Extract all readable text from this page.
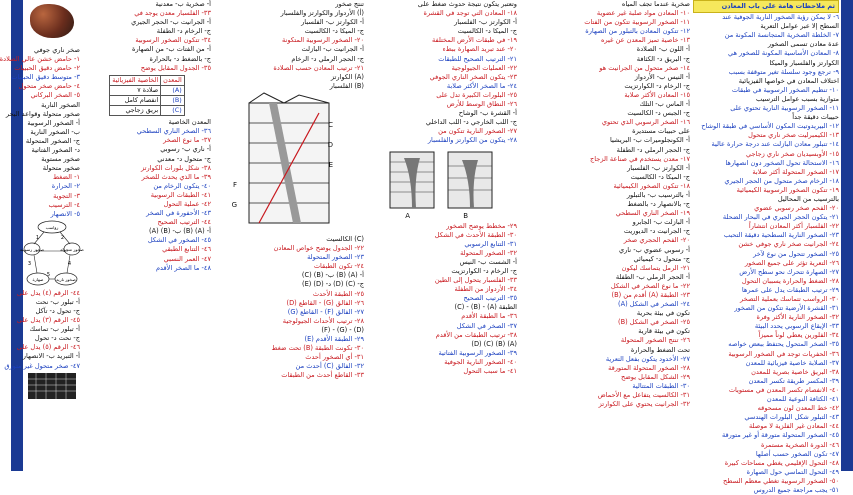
ثم ملاحظات هامة على باب المعادن
٦- لا يمكن رؤية الصخور النارية الجوفية عند
السطح إلا عبر عوامل التعرية
٧- الخلطة الصخرية المتجانسة المكونة من
عدة معادن تسمى الصخور
٨- المعادن الأساسية المكونة للصخور هي
الكوارتز والفلسبار والميكا
٩- ترجع وجود سلسلة تغير متوقفة بسبب
اختلاف المعادن في خواصها الفيزيائية
١٠- تنظيم الصخور الرسوبية في طبقات
متوازية بسبب عوامل الترسيب
١١- الصخور الرسوبية النارية تحتوي على
حبيبات دقيقة جداً
١٢- البيريدوتيت المكون الأساسي في طبقة الوشاح
١٣- الكيمبرليت صخر ناري متحول
١٤- تتبلور معادن البازلت عند درجة حرارة عالية
١٥- الأوبسيديان صخر ناري زجاجي
١٦- الاستحالة تحول الصخور دون انصهارها
١٧- الصخور المتحولة أكثر صلابة
١٨- الرخام صخر متحول من الحجر الجيري
١٩- تتكون الصخور الرسوبية الكيميائية
بالترسيب من المحاليل
٢٠- الفحم صخر رسوبي عضوي
٢١- يتكون الحجر الجيري في البحار الضحلة
٢٢- الفلسبار أكثر المعادن انتشاراً
٢٣- الصخور النارية السطحية دقيقة التحبب
٢٤- الجرانيت صخر ناري جوفي خشن
٢٥- الصخور تتحول من نوع لآخر
٢٦- التعرية تؤثر على جميع الصخور
٢٧- الصهارة تتحرك نحو سطح الأرض
٢٨- الضغط والحرارة يسببان التحول
٢٩- ترتيب الطبقات يدل على عمرها
٣٠- الرواسب تتماسك بعملية التصخر
٣١- القشرة الأرضية تتكون من الصخور
٣٢- الصخور النارية الأكثر وفرة
٣٣- الإيقاع الرسوبي يحدد البيئة
٣٤- الفلورين يعطي لوناً مميزاً
٣٥- الصخر المتحول يحتفظ ببعض خواصه
٣٦- الحفريات توجد في الصخور الرسوبية
٣٧- الصلابة خاصية فيزيائية للمعدن
٣٨- البريق خاصية بصرية للمعدن
٣٩- المكسر طريقة تكسر المعدن
٤٠- الانفصام تكسر المعدن في مستويات
٤١- الكثافة النوعية للمعدن
٤٢- خط المعدن لون مسحوقه
٤٣- التبلور شكل البلورات الهندسي
٤٤- المعادن غير الفلزية لا موصلة
٤٥- الصخور المتحولة متورقة أو غير متورقة
٤٦- الدورة الصخرية مستمرة
٤٧- تكون الصخور حسب أصلها
٤٨- التحول الإقليمي يغطي مساحات كبيرة
٤٩- التحول التماسي حول الصهارة
٥٠- الصخور الرسوبية تغطي معظم السطح
٥١- يجب مراجعة جميع الدروس
صخرية عندما تجف المياه
١٠- المعادن مواد صلبة غير عضوية
١١- الصخور الرسوبية تتكون من الفتات
١٢- تتكون المعادن بالتبلور من الصهارة
١٣- خاصية تميز المعدن عن غيره
أ- اللون ب- الصلادة
ج- البريق د- الكثافة
١٤- صخر متحول من الجرانيت هو
أ- النيس ب- الأردواز
ج- الرخام د- الكوارتزيت
١٥- المعادن الأكثر صلابة
أ- الماس ب- التلك
ج- الجبس د- الكالسيت
١٦- الصخر الرسوبي الذي تحتوي
على حبيبات مستديرة
أ- الكونجلوميرات ب- البريشيا
ج- الحجر الرملي د- الطفلة
١٧- معدن يستخدم في صناعة الزجاج
أ- الكوارتز ب- الفلسبار
ج- الميكا د- الكالسيت
١٨- تتكون الصخور الكيميائية
أ- بالترسيب ب- بالتبلور
ج- بالانصهار د- بالضغط
١٩- الصخر الناري السطحي
أ- البازلت ب- الجابرو
ج- الجرانيت د- الديوريت
٢٠- الفحم الحجري صخر
أ- رسوبي عضوي ب- ناري
ج- متحول د- كيميائي
٢١- الرمل يتماسك ليكون
أ- الحجر الرملي ب- الطفلة
٢٢- ما نوع الصخر في الشكل
٢٣- الطبقة (A) أقدم من (B)
٢٤- الصخر في الشكل (A)
تكون في بيئة بحرية
٢٥- الصخر في الشكل (B)
تكون في بيئة قارية
٢٦- تنتج الصخور المتحولة
تحت الضغط والحرارة
٢٧- الأخدود يتكون بفعل التعرية
٢٨- الصخور المتحولة المتورقة
٢٩- الشكل المقابل يوضح
٣٠- الطبقات المتتالية
٣١- الكالسيت يتفاعل مع الأحماض
٣٢- الجرانيت يحتوي على الكوارتز
وتعتبر يتكون نتيجة حدوث ضغط على
١٨- المعادن التي توجد في القشرة
أ- الكوارتز ب- الفلسبار
ج- الميكا د- الكالسيت
١٩- في طبقات الأرض المختلفة
٢٠- عند تبريد الصهارة ببطء
٢١- الترتيب الصحيح للطبقات
٢٢- العمليات الجيولوجية
٢٣- يتكون الصخر الناري الجوفي
٢٤- ما الصخر الأكثر صلابة
٢٥- البلورات الكبيرة تدل على
٢٦- النطاق الوسط للأرض
أ- القشرة ب- الوشاح
ج- اللب الخارجي د- اللب الداخلي
٢٧- الصخور النارية تتكون من
٢٨- يتكون من الكوارتز والفلسبار
A	B
٢٩- مخطط يوضح الصخور
٣٠- الطبقة الأحدث في الشكل
٣١- التتابع الرسوبي
٣٢- الصخور المتحولة
أ- الشست ب- النيس
ج- الرخام د- الكوارتزيت
٣٣- الفلسبار يتحول إلى الطين
٣٤- الأردواز من الطفلة
٣٥- الترتيب الصحيح
الطبقة (A) - (B) - (C)
٣٦- ما الطبقة الأقدم
٣٧- الصخر في الشكل
٣٨- ترتيب الطبقات من الأقدم
(A) (B) (C) (D)
٣٩- الصخور الرسوبية الفتاتية
٤٠- الصخور النارية الجوفية
٤١- ما سبب التحول
تنتج صخور
(أ) الأردواز والكوارتز والفلسبار
أ- الكوارتز ب- الفلسبار
ج- الميكا د- الكالسيت
٢٠- الصخور الرسوبية المتكونة
أ- الجرانيت ب- البازلت
ج- الحجر الرملي د- الرخام
٢١- ترتيب المعادن حسب الصلادة
(A) الكوارتز
(B) الفلسبار
C
D
E
F
G
(C) الكالسيت
٢٢- الجدول يوضح خواص المعادن
٢٣- الصخور المتحولة
٢٤- تكون الطبقات
أ- (A) (B) ب- (B) (C)
ج- (C) (D) د- (D) (E)
٢٥- الطبقة الأحدث
٢٦- الفالق (G) - القاطع (D)
٢٧- الفالق (F) - القاطع (G)
٢٨- ترتيب الأحداث الجيولوجية
(D) - (G) - (F)
٢٩- الطبقة الأقدم (E)
٣٠- تكونت الطبقة (B) تحت ضغط
٣١- أي الصخور أحدث
٣٢- الفالق (C) أحدث من
٣٣- القاطع أحدث من الطبقات
أ- صخرية ب- معدنية
٣٣- الفلسبار معدن يوجد في
أ- الجرانيت ب- الحجر الجيري
ج- الرخام د- الطفلة
٣٤- تتكون الصخور الرسوبية
أ- من الفتات ب- من الصهارة
ج- بالضغط د- بالحرارة
٣٥- الجدول المقابل يوضح
المعدن	الخاصية الفيزيائية
(A)	صلادة ٧
(B)	انفصام كامل
(C)	بريق زجاجي
المعدن الخاصية
٣٦- الصخر الناري السطحي
٣٧- ما نوع الصخر
أ- ناري ب- رسوبي
ج- متحول د- معدني
٣٨- شكل بلورات الكوارتز
٣٩- ما الذي يحدث للصخر
٤٠- يتكون الرخام من
٤١- الطبقات الرسوبية
٤٢- عملية التحول
٤٣- الأحفورة في الصخر
٤٤- الترتيب الصحيح
أ- (A) (B) ب- (B) (A)
٤٥- الصخور في الشكل
٤٦- التتابع الطبقي
٤٧- العمر النسبي
٤٨- ما الصخر الأقدم
صخر ناري جوفي
١- حامض خشن عالي الصلادة
٢- حامض دقيق الحبيبات
٣- متوسط دقيق الحبيبات
٤- حامض صخر متحول
٥- الصخر البركاني
الصخور النارية
صخور متحولة وقواعد البحر
أ- الصخور الرسوبية
ب- الصخور النارية
ج- الصخور المتحولة
د- الصخور الفتاتية
صخور مستوية
صخور متحولة
١- الضغط
٢- الحرارة
٣- التجوية
٤- الترسيب
٥- الانصهار
رواسب
صخور رسوبية	صخور متحولة
صهارة	صخور نارية
1	2
3	4
5
٤٤- الرقم (٤) يدل على
أ- تبلور ب- نحت
ج- تحول د- تآكل
٤٥- الرقم (٣) يدل على
أ- تبلور ب- تماسك
ج- نحت د- تحول
٤٦- الرقم (٥) يدل على
أ- التبريد ب- الانصهار
٤٧- صخر متحول غير متورق
